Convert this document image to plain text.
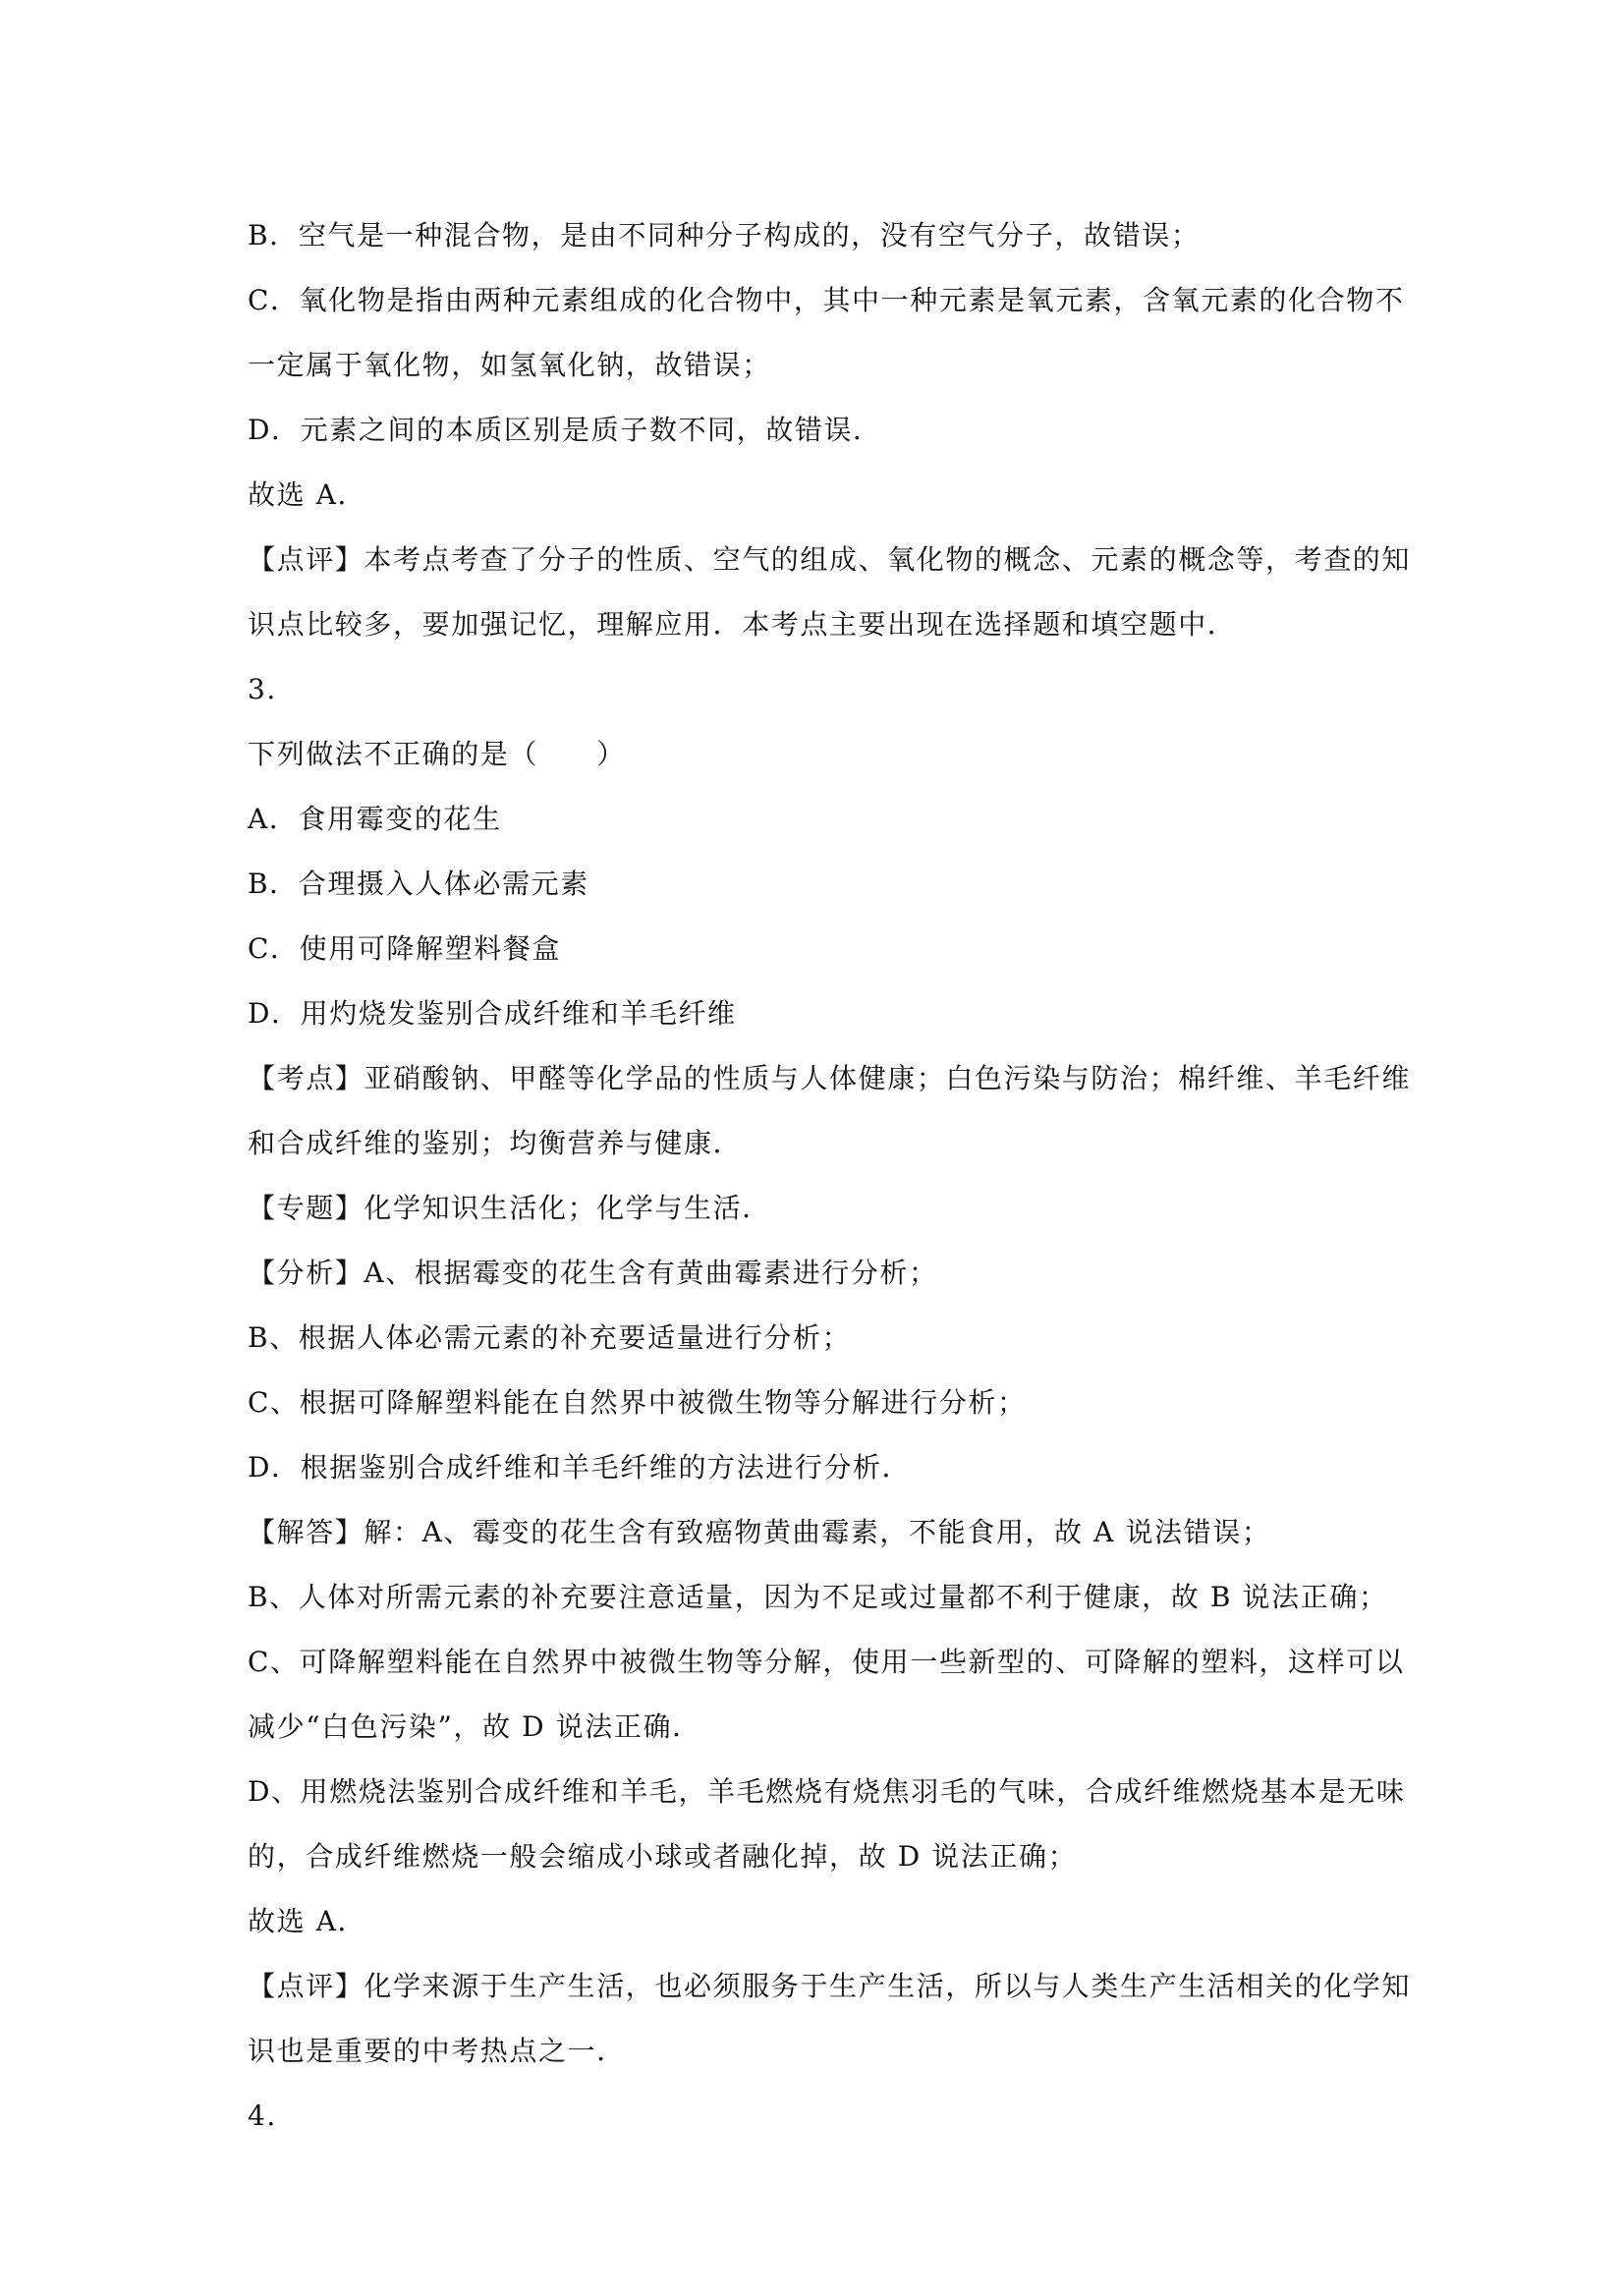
B．空气是一种混合物，是由不同种分子构成的，没有空气分子，故错误；
C．氧化物是指由两种元素组成的化合物中，其中一种元素是氧元素，含氧元素的化合物不
一定属于氧化物，如氢氧化钠，故错误；
D．元素之间的本质区别是质子数不同，故错误．
故选 A．
【点评】本考点考查了分子的性质、空气的组成、氧化物的概念、元素的概念等，考查的知
识点比较多，要加强记忆，理解应用．本考点主要出现在选择题和填空题中．
3.
下列做法不正确的是（　　）
A．食用霉变的花生
B．合理摄入人体必需元素
C．使用可降解塑料餐盒
D．用灼烧发鉴别合成纤维和羊毛纤维
【考点】亚硝酸钠、甲醛等化学品的性质与人体健康；白色污染与防治；棉纤维、羊毛纤维
和合成纤维的鉴别；均衡营养与健康．
【专题】化学知识生活化；化学与生活．
【分析】A、根据霉变的花生含有黄曲霉素进行分析；
B、根据人体必需元素的补充要适量进行分析；
C、根据可降解塑料能在自然界中被微生物等分解进行分析；
D．根据鉴别合成纤维和羊毛纤维的方法进行分析．
【解答】解：A、霉变的花生含有致癌物黄曲霉素，不能食用，故 A 说法错误；
B、人体对所需元素的补充要注意适量，因为不足或过量都不利于健康，故 B 说法正确；
C、可降解塑料能在自然界中被微生物等分解，使用一些新型的、可降解的塑料，这样可以
减少“白色污染”，故 D 说法正确．
D、用燃烧法鉴别合成纤维和羊毛，羊毛燃烧有烧焦羽毛的气味，合成纤维燃烧基本是无味
的，合成纤维燃烧一般会缩成小球或者融化掉，故 D 说法正确；
故选 A．
【点评】化学来源于生产生活，也必须服务于生产生活，所以与人类生产生活相关的化学知
识也是重要的中考热点之一．
4.
